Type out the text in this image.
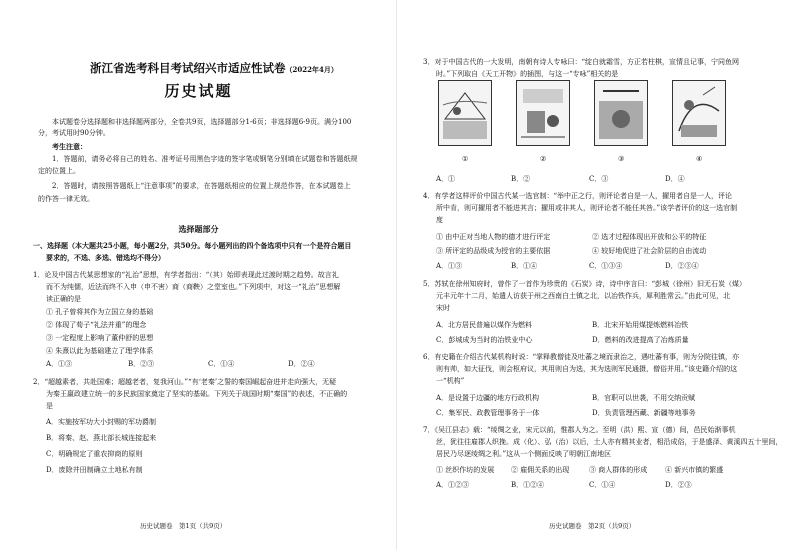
浙江省选考科目考试绍兴市适应性试卷（2022年4月）
历史试题
本试题卷分选择题和非选择题两部分，全卷共9页，选择题部分1-6页；非选择题6-9页。满分100
分，考试用时90分钟。
考生注意：
1．答题前，请务必将自己的姓名、准考证号用黑色字迹的签字笔或钢笔分别填在试题卷和答题纸规
定的位置上。
2．答题时，请按照答题纸上“注意事项”的要求，在答题纸相应的位置上规范作答，在本试题卷上
的作答一律无效。
选择题部分
一、选择题（本大题共25小题，每小题2分，共50分。每小题列出的四个备选项中只有一个是符合题目
要求的，不选、多选、错选均不得分）
1．论及中国古代某思想家的“礼治”思想，有学者指出：“（其）始即表现此过渡时期之趋势。故言礼
而不为纯儒，近法而终不入申（申不害）商（商鞅）之堂室也。”下列项中，对这一“礼治”思想解
读正确的是
① 孔子曾将其作为立国立身的基础
② 体现了荀子“礼法并重”的理念
③ 一定程度上影响了董仲舒的思想
④ 朱熹以此为基础建立了理学体系
A．①③	B．②③	C．①④	D．②④
2．“超越素者，共赴国难；超越老者，复我河山。”“有‘老秦’之誓的秦国崛起奋进并走向强大，无疑
为秦王嬴政建立统一的多民族国家奠定了坚实的基础。下列关于战国时期“秦国”的表述，不正确的
是
A．实施按军功大小封赐的军功爵制
B．将秦、赵、燕北部长城连接起来
C．明确规定了重农抑商的原则
D．废除井田制确立土地私有制
历史试题卷　第1页（共9页）
3．对于中国古代的一大发明，南朝有诗人专咏曰：“绽白就霜雪，方正若柱棋，宣情且记事，宁同鱼网
时。”下列取自《天工开物》的插图，与这一“专咏”相关的是
①	②	③	④
A．①	B．②	C．③	D．④
4．有学者这样评价中国古代某一选官制：“举中正之行，则评论者自是一人，擢用者自是一人，评论
所中肯，则可擢用者不能进其言；擢用或非其人，则评论者不能任其咎。”该学者评价的这一选官制
度
① 由中正对当地人物的德才进行评定	② 选才过程体现出开放和公平的特征
③ 所评定的品级成为授官的主要依据	④ 较好地促进了社会阶层的自由流动
A．①③	B．①④	C．①③④	D．②③④
5．苏轼在徐州知府时，曾作了一首作为珍贵的《石炭》诗，诗中序言曰：“彭城（徐州）旧无石炭（煤）
元丰元年十二月，始遣人访获于州之西南白土镇之北，以冶铁作兵，犀利胜常云。”由此可见，北
宋时
A．北方居民普遍以煤作为燃料	B．北宋开始用煤提炼燃料冶铁
C．彭城成为当时的冶铁业中心	D．燃料的改进提高了冶炼质量
6．有史籍在介绍古代某机构时说：“掌释教僧徒及吐蕃之境而隶治之，遇吐蕃有事，则为分院往镇，亦
则有帅，如大征伐，则会枢府议，其用则自为选，其为选则军民通摄，僧俗并用。”该史籍介绍的这
一“机构”
A．是设置于边疆的地方行政机构	B．官职可以世袭，不用交纳贡赋
C．集军民、政教管理事务于一体	D．负责管理西藏、新疆等地事务
7．《吴江县志》载：“绫绸之业，宋元以前，惟郡人为之。至明（洪）熙、宣（德）间，邑民始渐事机
丝，犹往往雇郡人织挽。成（化）、弘（治）以后，土人亦有精其业者，相沿成俗，于是盛泽、黄溪四五十里间，
居民乃尽逐绫绸之利。”这从一个侧面反映了明朝江南地区
① 丝织作坊的发展 ② 雇佣关系的出现	③ 商人群体的形成	④ 新兴市镇的繁盛
A．①②③	B．①②④	C．①④	D．②③
历史试题卷　第2页（共9页）
